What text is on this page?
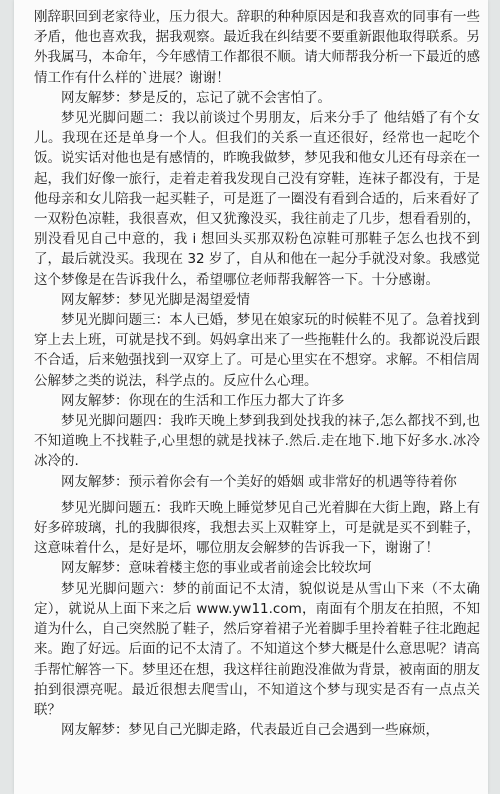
刚辞职回到老家待业，压力很大。辞职的种种原因是和我喜欢的同事有一些矛盾，他也喜欢我，据我观察。最近我在纠结要不要重新跟他取得联系。另外我属马，本命年，今年感情工作都很不顺。请大师帮我分析一下最近的感情工作有什么样的`进展？谢谢！

网友解梦：梦是反的，忘记了就不会害怕了。

梦见光脚问题二：我以前谈过个男朋友，后来分手了 他结婚了有个女儿。我现在还是单身一个人。但我们的关系一直还很好，经常也一起吃个饭。说实话对他也是有感情的，昨晚我做梦，梦见我和他女儿还有母亲在一起，我们好像一旅行，走着走着我发现自己没有穿鞋，连袜子都没有，于是他母亲和女儿陪我一起买鞋子，可是逛了一圈没有看到合适的，后来看好了一双粉色凉鞋，我很喜欢，但又犹豫没买，我往前走了几步，想看看别的，别没看见自己中意的，我 i 想回头买那双粉色凉鞋可那鞋子怎么也找不到了，最后就没买。我现在 32 岁了，自从和他在一起分手就没对象。我感觉这个梦像是在告诉我什么，希望哪位老师帮我解答一下。十分感谢。

网友解梦：梦见光脚是渴望爱情

梦见光脚问题三：本人已婚，梦见在娘家玩的时候鞋不见了。急着找到穿上去上班，可就是找不到。妈妈拿出来了一些拖鞋什么的。我都说没后跟不合适，后来勉强找到一双穿上了。可是心里实在不想穿。求解。不相信周公解梦之类的说法，科学点的。反应什么心理。

网友解梦：你现在的生活和工作压力都大了许多

梦见光脚问题四：我昨天晚上梦到我到处找我的袜子,怎么都找不到,也不知道晚上不找鞋子,心里想的就是找袜子.然后.走在地下.地下好多水.冰冷冰冷的.

网友解梦：预示着你会有一个美好的婚姻 或非常好的机遇等待着你

梦见光脚问题五：我昨天晚上睡觉梦见自己光着脚在大街上跑，路上有好多碎玻璃，扎的我脚很疼，我想去买上双鞋穿上，可是就是买不到鞋子，这意味着什么，是好是坏，哪位朋友会解梦的告诉我一下，谢谢了！

网友解梦：意味着楼主您的事业或者前途会比较坎坷

梦见光脚问题六：梦的前面记不太清，貌似说是从雪山下来（不太确定），就说从上面下来之后 www.yw11.com，南面有个朋友在拍照，不知道为什么，自己突然脱了鞋子，然后穿着裙子光着脚手里拎着鞋子往北跑起来。跑了好远。后面的记不太清了。不知道这个梦大概是什么意思呢？请高手帮忙解答一下。梦里还在想，我这样往前跑没准做为背景，被南面的朋友拍到很漂亮呢。最近很想去爬雪山，不知道这个梦与现实是否有一点点关联？

网友解梦：梦见自己光脚走路，代表最近自己会遇到一些麻烦，
